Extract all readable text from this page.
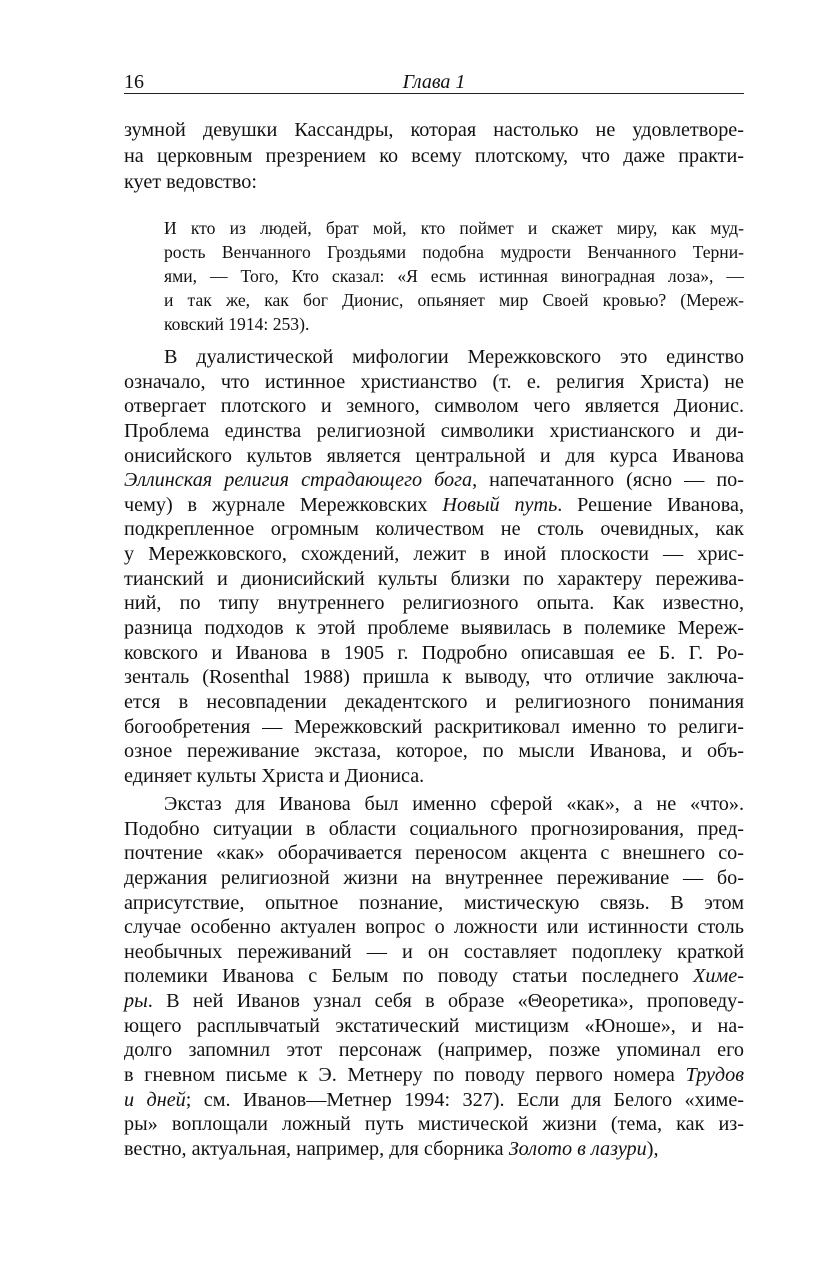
16	Глава 1
зумной девушки Кассандры, которая настолько не удовлетворе-
на церковным презрением ко всему плотскому, что даже практи-
кует ведовство:
И кто из людей, брат мой, кто поймет и скажет миру, как муд-
рость Венчанного Гроздьями подобна мудрости Венчанного Терни-
ями, — Того, Кто сказал: «Я есмь истинная виноградная лоза», —
и так же, как бог Дионис, опьяняет мир Своей кровью? (Мереж-
ковский 1914: 253).
В дуалистической мифологии Мережковского это единство
означало, что истинное христианство (т. е. религия Христа) не
отвергает плотского и земного, символом чего является Дионис.
Проблема единства религиозной символики христианского и ди-
онисийского культов является центральной и для курса Иванова
Эллинская религия страдающего бога, напечатанного (ясно — по-
чему) в журнале Мережковских Новый путь. Решение Иванова,
подкрепленное огромным количеством не столь очевидных, как
у Мережковского, схождений, лежит в иной плоскости — хрис-
тианский и дионисийский культы близки по характеру пережива-
ний, по типу внутреннего религиозного опыта. Как известно,
разница подходов к этой проблеме выявилась в полемике Мереж-
ковского и Иванова в 1905 г. Подробно описавшая ее Б. Г. Ро-
зенталь (Rosenthal 1988) пришла к выводу, что отличие заключа-
ется в несовпадении декадентского и религиозного понимания
богообретения — Мережковский раскритиковал именно то религи-
озное переживание экстаза, которое, по мысли Иванова, и объ-
единяет культы Христа и Диониса.
Экстаз для Иванова был именно сферой «как», а не «что».
Подобно ситуации в области социального прогнозирования, пред-
почтение «как» оборачивается переносом акцента с внешнего со-
держания религиозной жизни на внутреннее переживание — бо-
априсутствие, опытное познание, мистическую связь. В этом
случае особенно актуален вопрос о ложности или истинности столь
необычных переживаний — и он составляет подоплеку краткой
полемики Иванова с Белым по поводу статьи последнего Химе-
ры. В ней Иванов узнал себя в образе «Θеоретика», проповеду-
ющего расплывчатый экстатический мистицизм «Юноше», и на-
долго запомнил этот персонаж (например, позже упоминал его
в гневном письме к Э. Метнеру по поводу первого номера Трудов
и дней; см. Иванов—Метнер 1994: 327). Если для Белого «химе-
ры» воплощали ложный путь мистической жизни (тема, как из-
вестно, актуальная, например, для сборника Золото в лазури),
